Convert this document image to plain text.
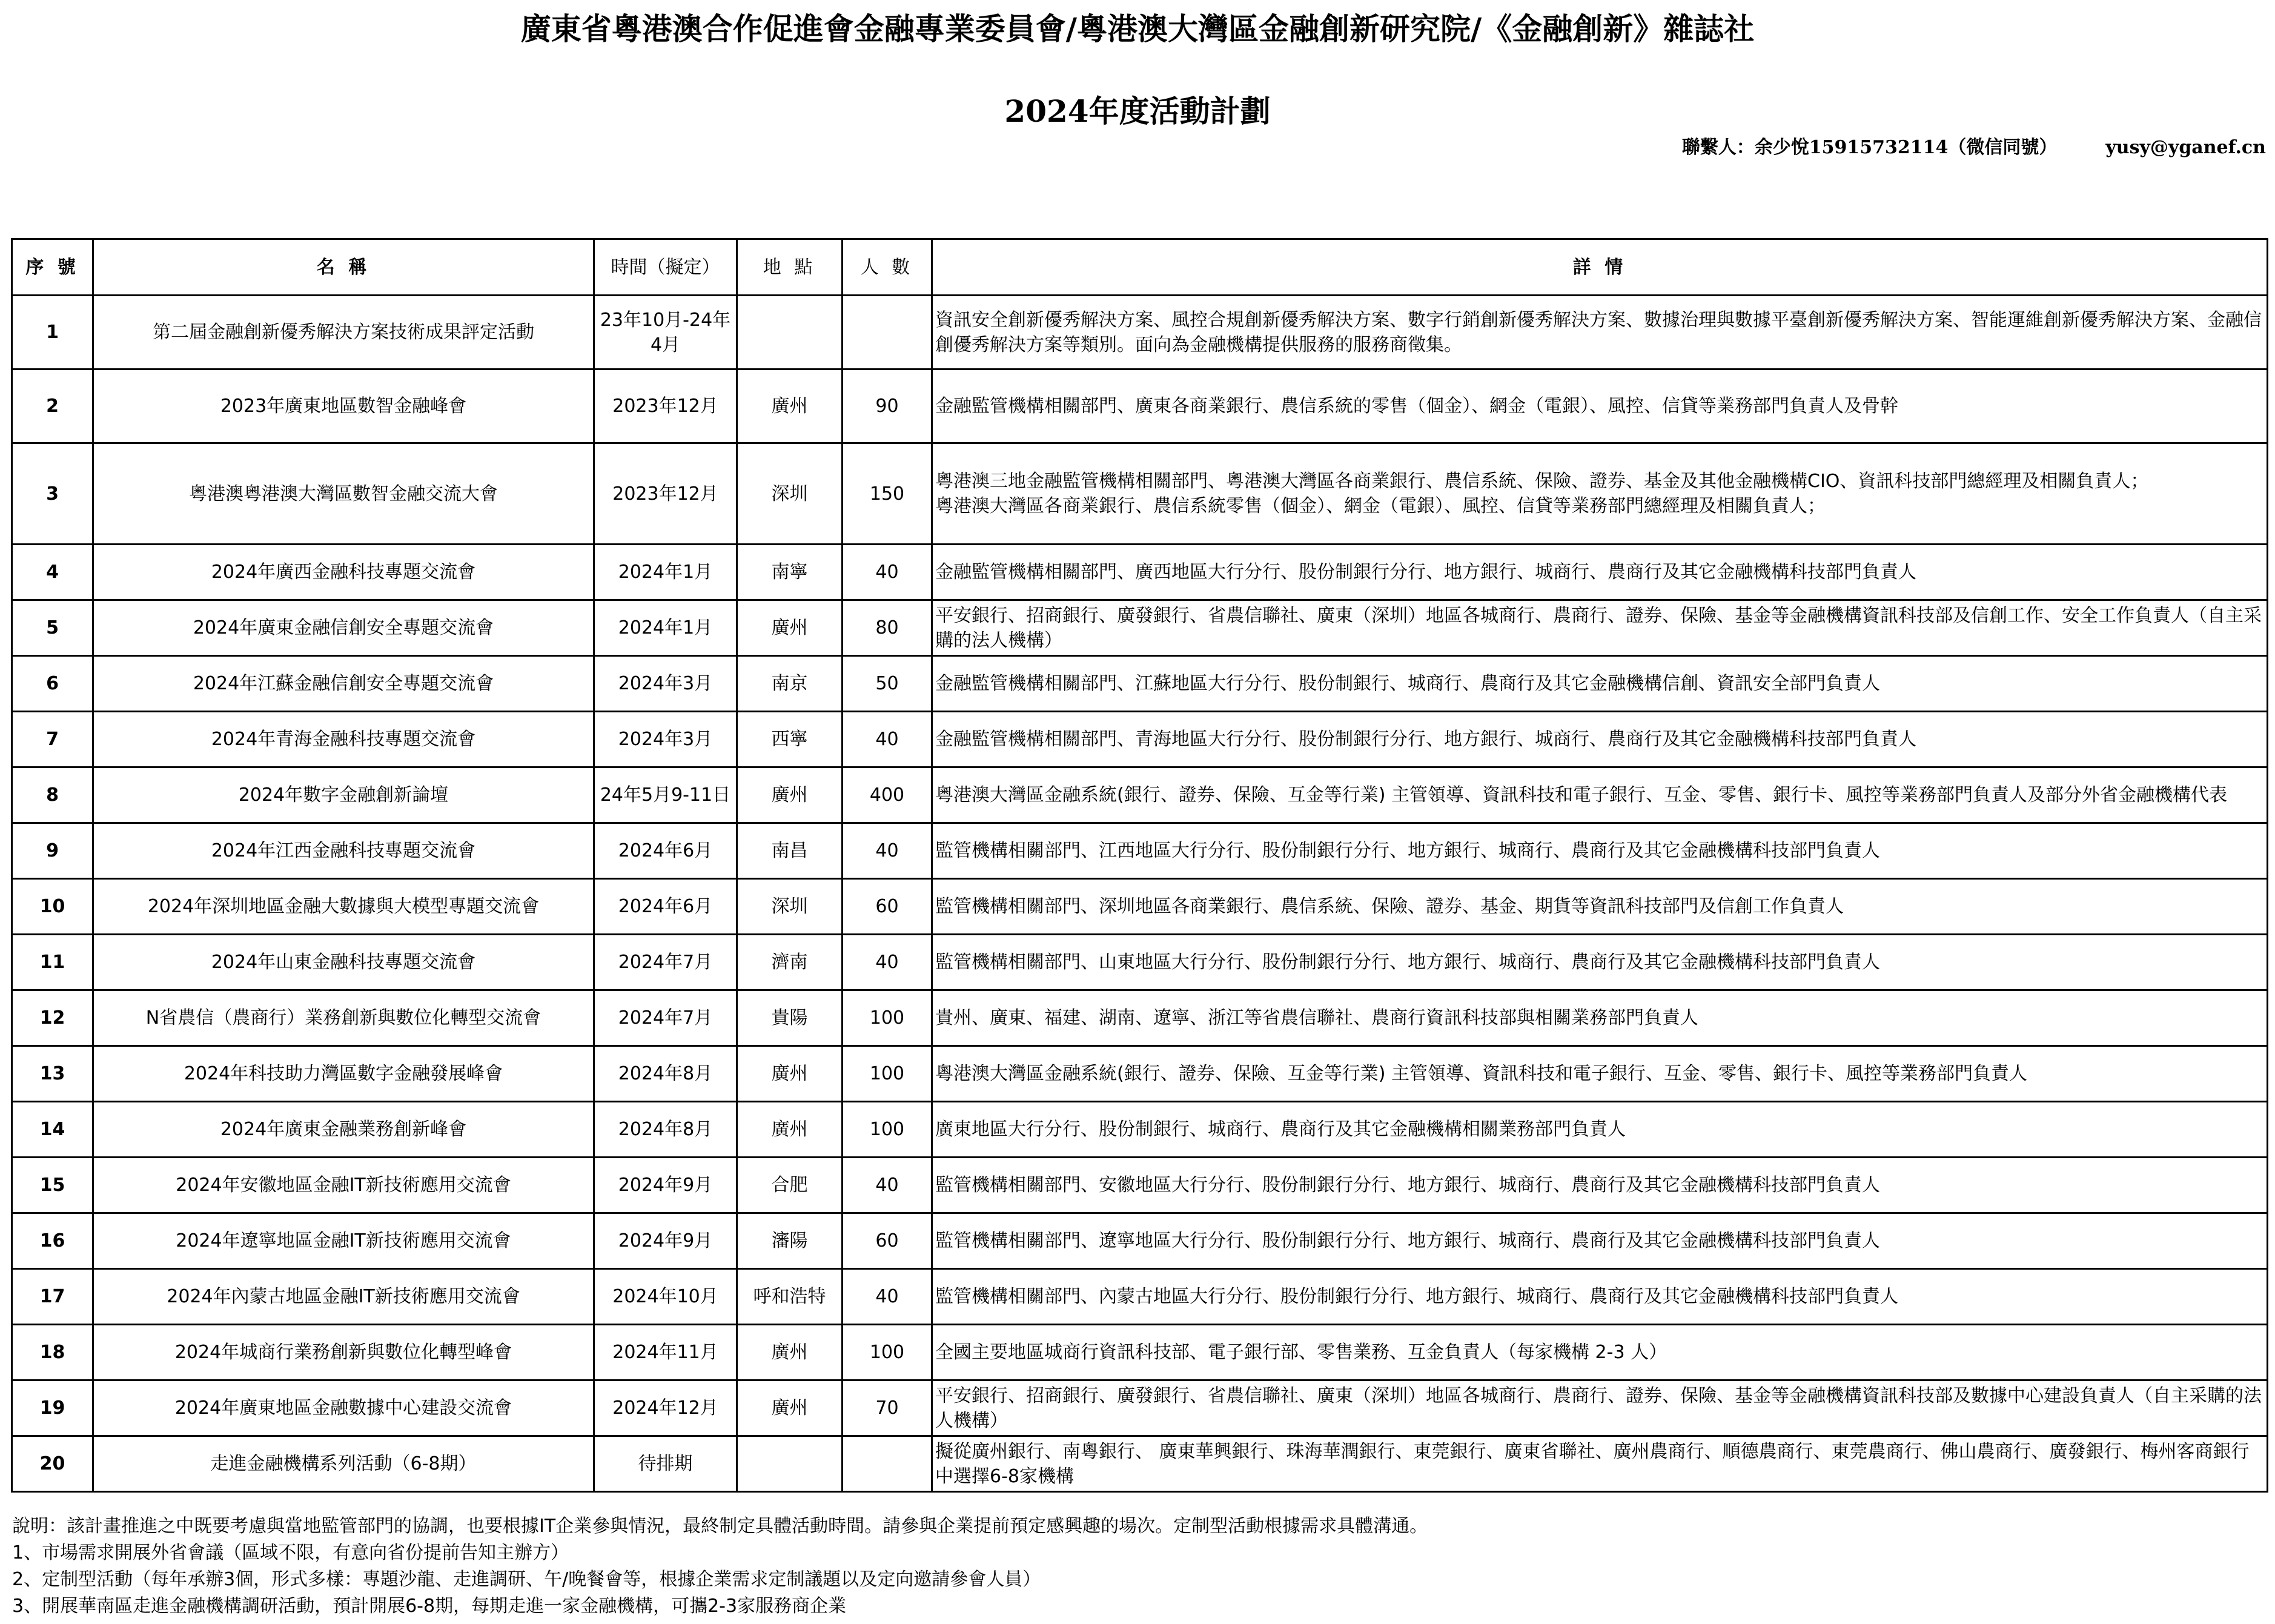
廣東省粵港澳合作促進會金融專業委員會/粵港澳大灣區金融創新研究院/《金融創新》雜誌社
2024年度活動計劃
聯繫人：余少悅15915732114（微信同號）	yusy@yganef.cn
序 號	名 稱	時間（擬定）	地 點	人 數	詳 情
1	第二屆金融創新優秀解決方案技術成果評定活動	23年10月-24年4月			資訊安全創新優秀解決方案、風控合規創新優秀解決方案、數字行銷創新優秀解決方案、數據治理與數據平臺創新優秀解決方案、智能運維創新優秀解決方案、金融信創優秀解決方案等類別。面向為金融機構提供服務的服務商徵集。
2	2023年廣東地區數智金融峰會	2023年12月	廣州	90	金融監管機構相關部門、廣東各商業銀行、農信系統的零售（個金）、網金（電銀）、風控、信貸等業務部門負責人及骨幹
3	粵港澳粵港澳大灣區數智金融交流大會	2023年12月	深圳	150	粵港澳三地金融監管機構相關部門、粵港澳大灣區各商業銀行、農信系統、保險、證券、基金及其他金融機構CIO、資訊科技部門總經理及相關負責人；
粵港澳大灣區各商業銀行、農信系統零售（個金）、網金（電銀）、風控、信貸等業務部門總經理及相關負責人；

4	2024年廣西金融科技專題交流會	2024年1月	南寧	40	金融監管機構相關部門、廣西地區大行分行、股份制銀行分行、地方銀行、城商行、農商行及其它金融機構科技部門負責人
5	2024年廣東金融信創安全專題交流會	2024年1月	廣州	80	平安銀行、招商銀行、廣發銀行、省農信聯社、廣東（深圳）地區各城商行、農商行、證券、保險、基金等金融機構資訊科技部及信創工作、安全工作負責人（自主采購的法人機構）
6	2024年江蘇金融信創安全專題交流會	2024年3月	南京	50	金融監管機構相關部門、江蘇地區大行分行、股份制銀行、城商行、農商行及其它金融機構信創、資訊安全部門負責人
7	2024年青海金融科技專題交流會	2024年3月	西寧	40	金融監管機構相關部門、青海地區大行分行、股份制銀行分行、地方銀行、城商行、農商行及其它金融機構科技部門負責人
8	2024年數字金融創新論壇	24年5月9-11日	廣州	400	粵港澳大灣區金融系統(銀行、證券、保險、互金等行業) 主管領導、資訊科技和電子銀行、互金、零售、銀行卡、風控等業務部門負責人及部分外省金融機構代表
9	2024年江西金融科技專題交流會	2024年6月	南昌	40	監管機構相關部門、江西地區大行分行、股份制銀行分行、地方銀行、城商行、農商行及其它金融機構科技部門負責人
10	2024年深圳地區金融大數據與大模型專題交流會	2024年6月	深圳	60	監管機構相關部門、深圳地區各商業銀行、農信系統、保險、證券、基金、期貨等資訊科技部門及信創工作負責人
11	2024年山東金融科技專題交流會	2024年7月	濟南	40	監管機構相關部門、山東地區大行分行、股份制銀行分行、地方銀行、城商行、農商行及其它金融機構科技部門負責人
12	N省農信（農商行）業務創新與數位化轉型交流會	2024年7月	貴陽	100	貴州、廣東、福建、湖南、遼寧、浙江等省農信聯社、農商行資訊科技部與相關業務部門負責人
13	2024年科技助力灣區數字金融發展峰會	2024年8月	廣州	100	粵港澳大灣區金融系統(銀行、證券、保險、互金等行業) 主管領導、資訊科技和電子銀行、互金、零售、銀行卡、風控等業務部門負責人
14	2024年廣東金融業務創新峰會	2024年8月	廣州	100	廣東地區大行分行、股份制銀行、城商行、農商行及其它金融機構相關業務部門負責人
15	2024年安徽地區金融IT新技術應用交流會	2024年9月	合肥	40	監管機構相關部門、安徽地區大行分行、股份制銀行分行、地方銀行、城商行、農商行及其它金融機構科技部門負責人
16	2024年遼寧地區金融IT新技術應用交流會	2024年9月	瀋陽	60	監管機構相關部門、遼寧地區大行分行、股份制銀行分行、地方銀行、城商行、農商行及其它金融機構科技部門負責人
17	2024年內蒙古地區金融IT新技術應用交流會	2024年10月	呼和浩特	40	監管機構相關部門、內蒙古地區大行分行、股份制銀行分行、地方銀行、城商行、農商行及其它金融機構科技部門負責人
18	2024年城商行業務創新與數位化轉型峰會	2024年11月	廣州	100	全國主要地區城商行資訊科技部、電子銀行部、零售業務、互金負責人（每家機構 2-3 人）
19	2024年廣東地區金融數據中心建設交流會	2024年12月	廣州	70	平安銀行、招商銀行、廣發銀行、省農信聯社、廣東（深圳）地區各城商行、農商行、證券、保險、基金等金融機構資訊科技部及數據中心建設負責人（自主采購的法人機構）
20	走進金融機構系列活動（6-8期）	待排期			擬從廣州銀行、南粵銀行、 廣東華興銀行、珠海華潤銀行、東莞銀行、廣東省聯社、廣州農商行、順德農商行、東莞農商行、佛山農商行、廣發銀行、梅州客商銀行中選擇6-8家機構
說明：該計畫推進之中既要考慮與當地監管部門的協調，也要根據IT企業參與情況，最終制定具體活動時間。請參與企業提前預定感興趣的場次。定制型活動根據需求具體溝通。
1、市場需求開展外省會議（區域不限，有意向省份提前告知主辦方）
2、定制型活動（每年承辦3個，形式多樣：專題沙龍、走進調研、午/晚餐會等，根據企業需求定制議題以及定向邀請參會人員）
3、開展華南區走進金融機構調研活動，預計開展6-8期，每期走進一家金融機構，可攜2-3家服務商企業
